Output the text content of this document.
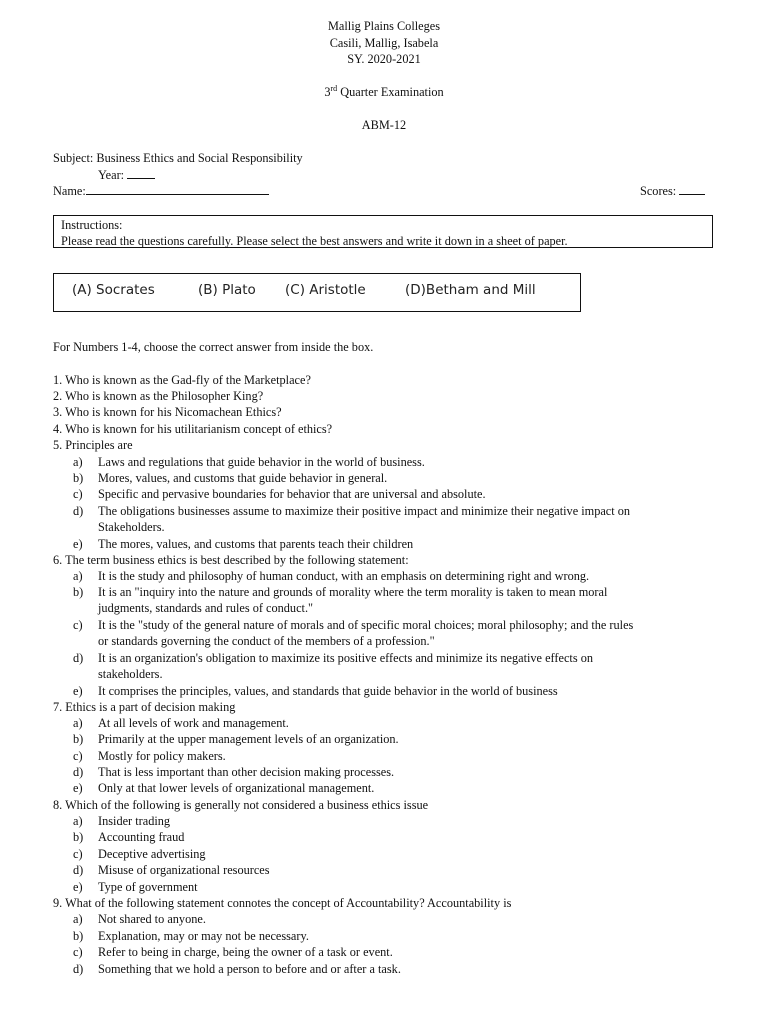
Mallig Plains Colleges
Casili, Mallig, Isabela
SY. 2020-2021
3rd Quarter Examination
ABM-12
Subject: Business Ethics and Social Responsibility
Year:
Name:	Scores:
Instructions:
Please read the questions carefully. Please select the best answers and write it down in a sheet of paper.
(A) Socrates	(B) Plato (C) Aristotle	(D)Betham and Mill
For Numbers 1-4, choose the correct answer from inside the box.
1. Who is known as the Gad-fly of the Marketplace?
2. Who is known as the Philosopher King?
3. Who is known for his Nicomachean Ethics?
4. Who is known for his utilitarianism concept of ethics?
5. Principles are
a) Laws and regulations that guide behavior in the world of business.
b) Mores, values, and customs that guide behavior in general.
c) Specific and pervasive boundaries for behavior that are universal and absolute.
d) The obligations businesses assume to maximize their positive impact and minimize their negative impact on
Stakeholders.
e) The mores, values, and customs that parents teach their children
6. The term business ethics is best described by the following statement:
a) It is the study and philosophy of human conduct, with an emphasis on determining right and wrong.
b) It is an "inquiry into the nature and grounds of morality where the term morality is taken to mean moral
judgments, standards and rules of conduct."
c) It is the "study of the general nature of morals and of specific moral choices; moral philosophy; and the rules
or standards governing the conduct of the members of a profession."
d) It is an organization's obligation to maximize its positive effects and minimize its negative effects on
stakeholders.
e) It comprises the principles, values, and standards that guide behavior in the world of business
7. Ethics is a part of decision making
a) At all levels of work and management.
b) Primarily at the upper management levels of an organization.
c) Mostly for policy makers.
d) That is less important than other decision making processes.
e) Only at that lower levels of organizational management.
8. Which of the following is generally not considered a business ethics issue
a) Insider trading
b) Accounting fraud
c) Deceptive advertising
d) Misuse of organizational resources
e) Type of government
9. What of the following statement connotes the concept of Accountability? Accountability is
a) Not shared to anyone.
b) Explanation, may or may not be necessary.
c) Refer to being in charge, being the owner of a task or event.
d) Something that we hold a person to before and or after a task.
